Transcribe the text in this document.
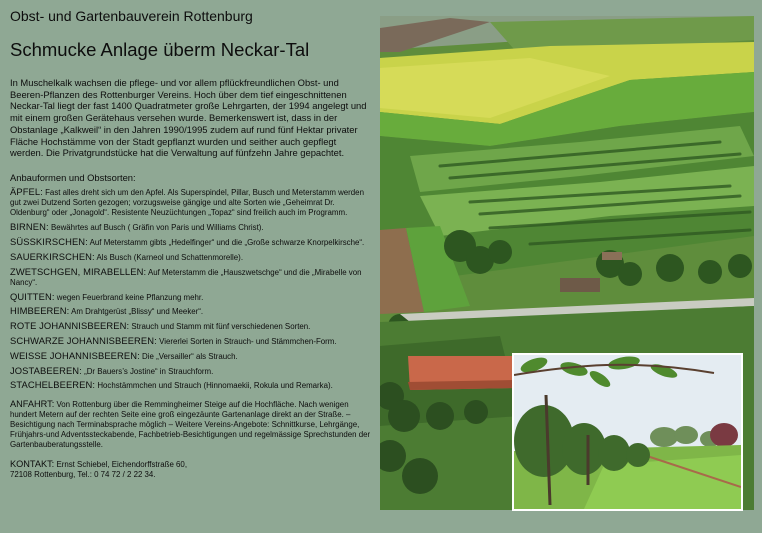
Obst- und Gartenbauverein Rottenburg
Schmucke Anlage überm Neckar-Tal
In Muschelkalk wachsen die pflege- und vor allem pflückfreundlichen Obst- und Beeren-Pflanzen des Rottenburger Vereins. Hoch über dem tief eingeschnittenen Neckar-Tal liegt der fast 1400 Quadratmeter große Lehrgarten, der 1994 angelegt und mit einem großen Gerätehaus versehen wurde. Bemerkenswert ist, dass in der Obstanlage „Kalkweil“ in den Jahren 1990/1995 zudem auf rund fünf Hektar privater Fläche Hochstämme von der Stadt gepflanzt wurden und seither auch gepflegt werden. Die Privatgrundstücke hat die Verwaltung auf fünfzehn Jahre gepachtet.
Anbauformen und Obstsorten:
ÄPFEL: Fast alles dreht sich um den Apfel. Als Superspindel, Pillar, Busch und Meterstamm werden gut zwei Dutzend Sorten gezogen; vorzugsweise gängige und alte Sorten wie „Geheimrat Dr. Oldenburg“ oder „Jonagold“. Resistente Neuzüchtungen „Topaz“ sind freilich auch im Programm.
BIRNEN: Bewährtes auf Busch ( Gräfin von Paris und Williams Christ).
SÜSSKIRSCHEN: Auf Meterstamm gibts „Hedelfinger“ und die „Große schwarze Knorpelkirsche“.
SAUERKIRSCHEN: Als Busch (Karneol und Schattenmorelle).
ZWETSCHGEN, MIRABELLEN: Auf Meterstamm die „Hauszwetschge“ und die „Mirabelle von Nancy“.
QUITTEN: wegen Feuerbrand keine Pflanzung mehr.
HIMBEEREN: Am Drahtgerüst „Blissy“ und Meeker“.
ROTE JOHANNISBEEREN: Strauch und Stamm mit fünf verschiedenen Sorten.
SCHWARZE JOHANNISBEEREN: Viererlei Sorten in Strauch- und Stämmchen-Form.
WEISSE JOHANNISBEEREN: Die „Versailler“ als Strauch.
JOSTABEEREN: „Dr Bauers’s Jostine“ in Strauchform.
STACHELBEEREN: Hochstämmchen und Strauch (Hinnomaekii, Rokula und Remarka).
ANFAHRT: Von Rottenburg über die Remmingheimer Steige auf die Hochfläche. Nach wenigen hundert Metern auf der rechten Seite eine groß eingezäunte Gartenanlage direkt an der Straße. – Besichtigung nach Terminabsprache möglich – Weitere Vereins-Angebote: Schnittkurse, Lehrgänge, Frühjahrs-und Adventssteckabende, Fachbetrieb-Besichtigungen und regelmässige Sprechstunden der Gartenbauberatungsstelle.
KONTAKT: Ernst Schiebel, Eichendorffstraße 60,
72108 Rottenburg, Tel.: 0 74 72 / 2 22 34.
